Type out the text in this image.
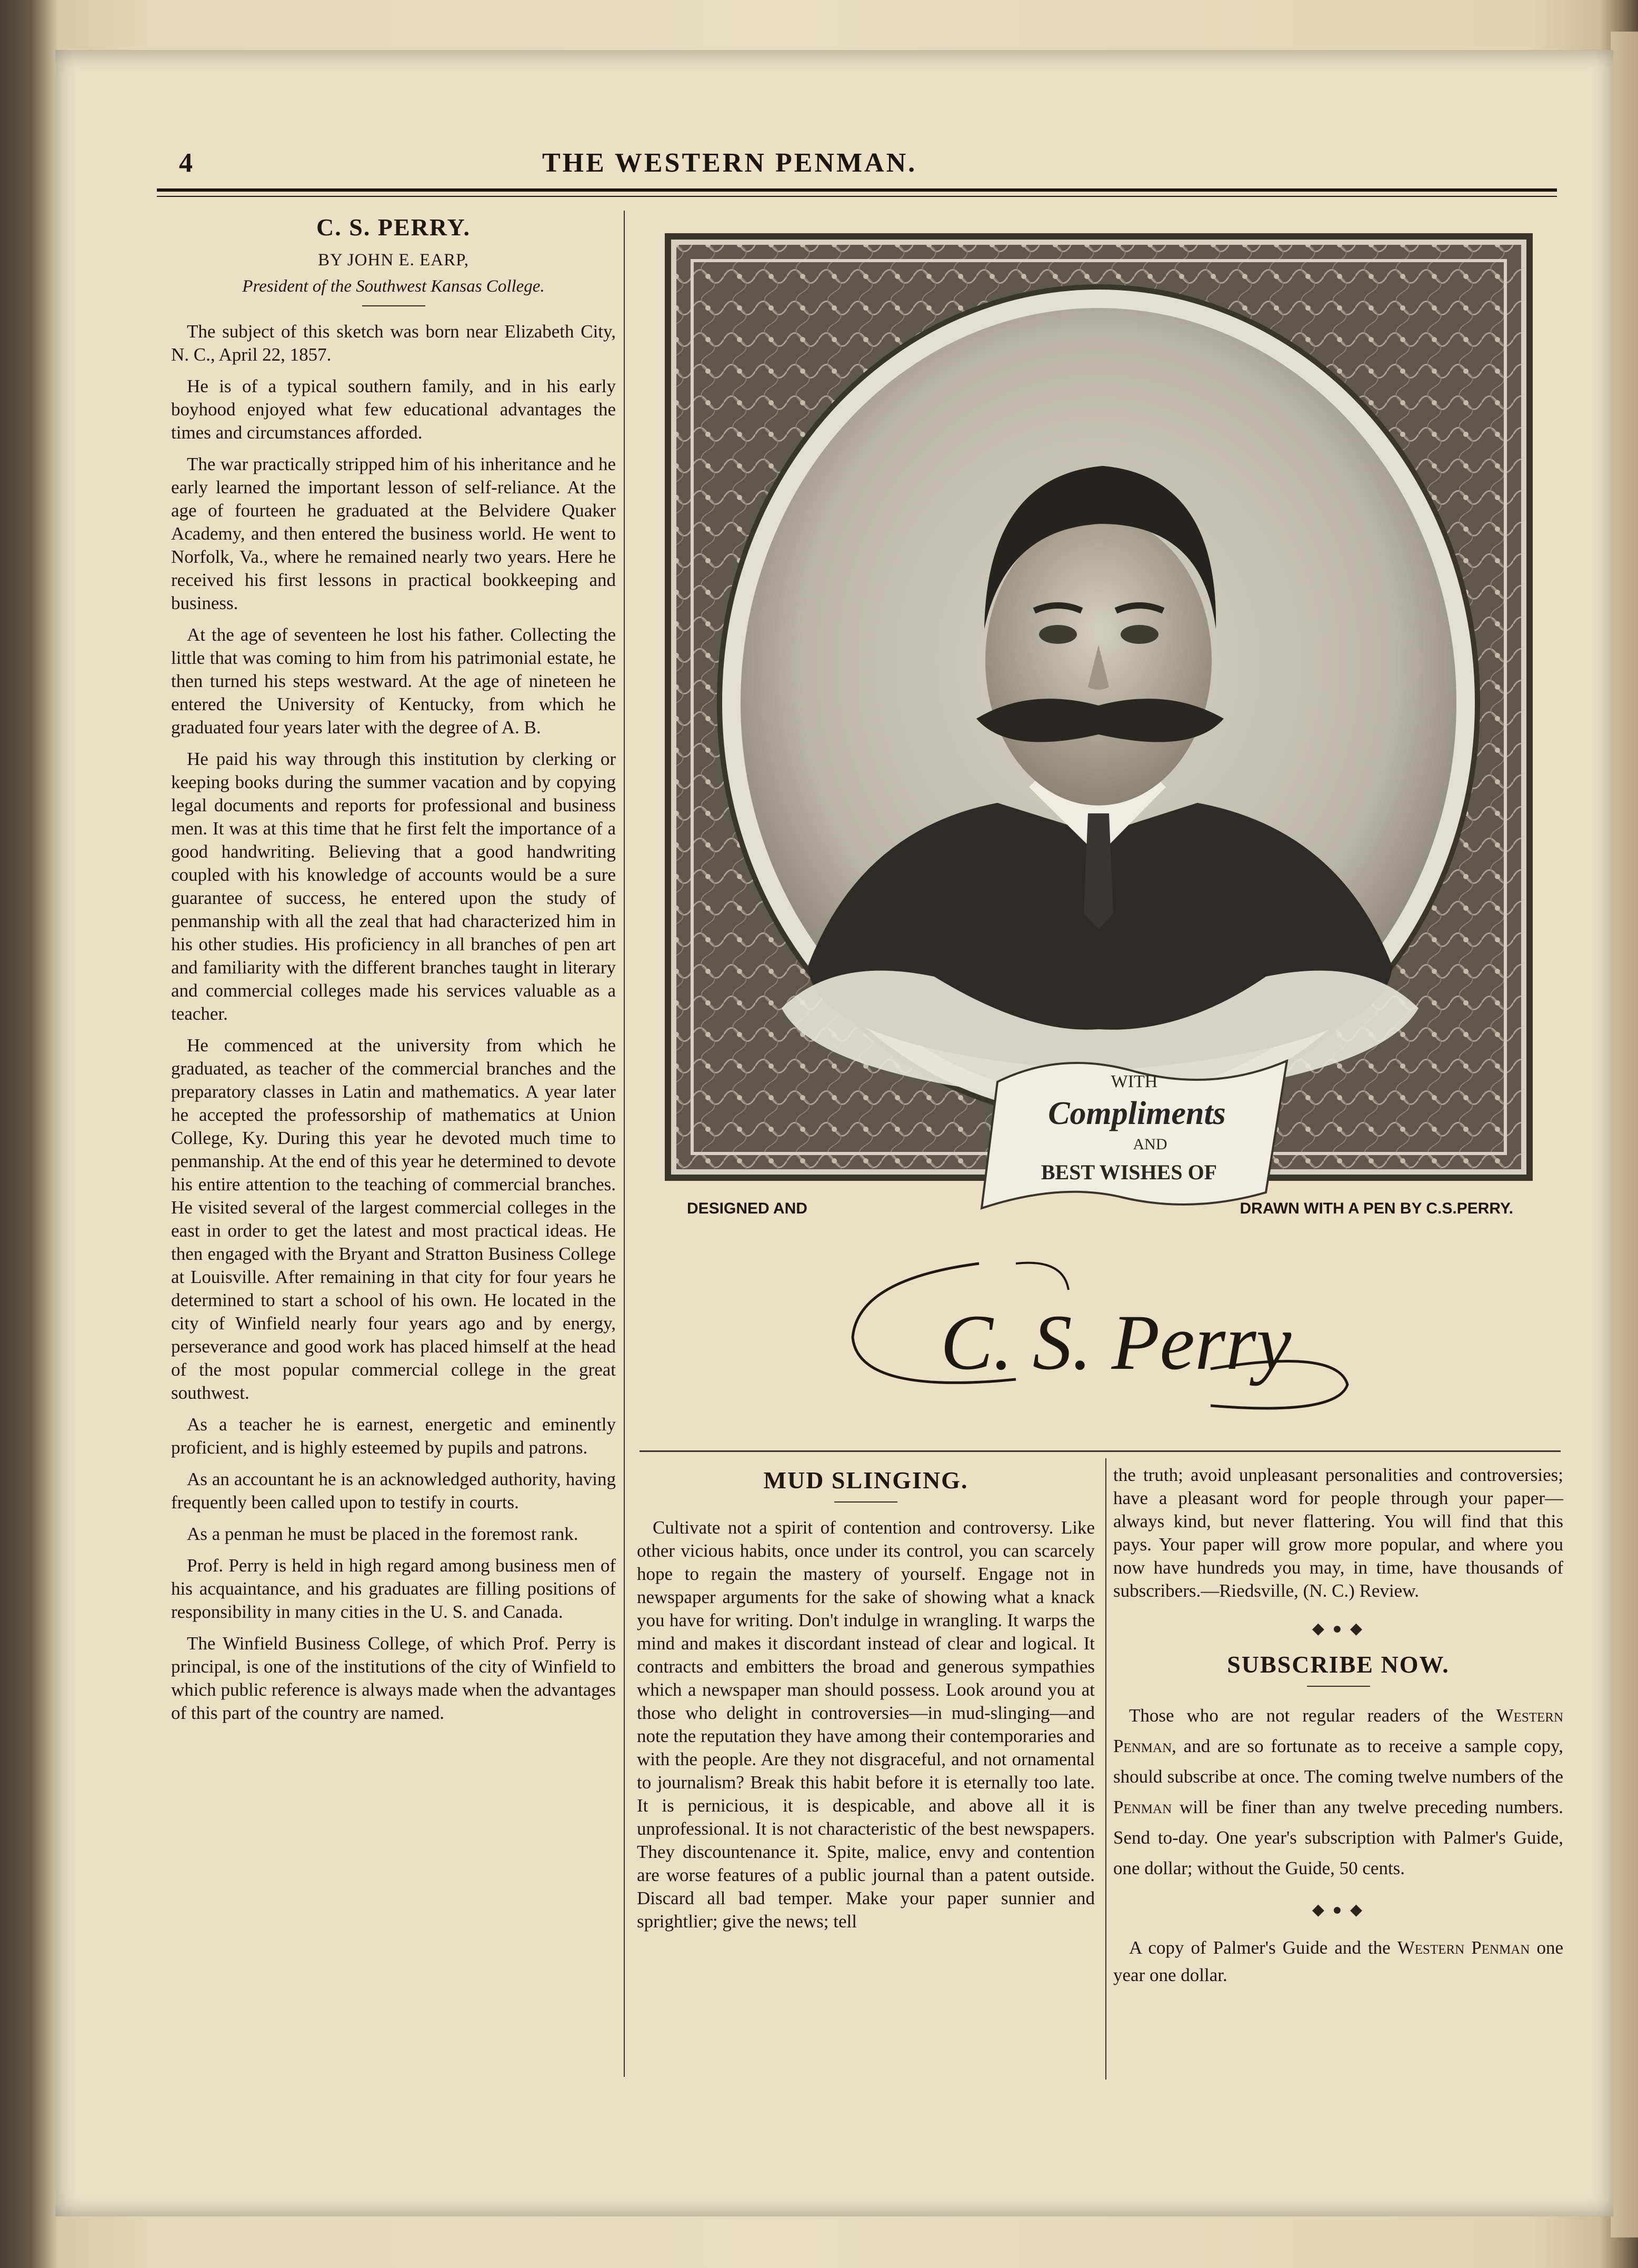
4	THE WESTERN PENMAN.
C. S. PERRY.
BY JOHN E. EARP,
President of the Southwest Kansas College.

The subject of this sketch was born near Elizabeth City, N. C., April 22, 1857.

He is of a typical southern family, and in his early boyhood enjoyed what few educational advantages the times and circumstances afforded.

The war practically stripped him of his inheritance and he early learned the important lesson of self-reliance. At the age of fourteen he graduated at the Belvidere Quaker Academy, and then entered the business world. He went to Norfolk, Va., where he remained nearly two years. Here he received his first lessons in practical bookkeeping and business.

At the age of seventeen he lost his father. Collecting the little that was coming to him from his patrimonial estate, he then turned his steps westward. At the age of nineteen he entered the University of Kentucky, from which he graduated four years later with the degree of A. B.

He paid his way through this institution by clerking or keeping books during the summer vacation and by copying legal documents and reports for professional and business men. It was at this time that he first felt the importance of a good handwriting. Believing that a good handwriting coupled with his knowledge of accounts would be a sure guarantee of success, he entered upon the study of penmanship with all the zeal that had characterized him in his other studies. His proficiency in all branches of pen art and familiarity with the different branches taught in literary and commercial colleges made his services valuable as a teacher.

He commenced at the university from which he graduated, as teacher of the commercial branches and the preparatory classes in Latin and mathematics. A year later he accepted the professorship of mathematics at Union College, Ky. During this year he devoted much time to penmanship. At the end of this year he determined to devote his entire attention to the teaching of commercial branches. He visited several of the largest commercial colleges in the east in order to get the latest and most practical ideas. He then engaged with the Bryant and Stratton Business College at Louisville. After remaining in that city for four years he determined to start a school of his own. He located in the city of Winfield nearly four years ago and by energy, perseverance and good work has placed himself at the head of the most popular commercial college in the great southwest.

As a teacher he is earnest, energetic and eminently proficient, and is highly esteemed by pupils and patrons.

As an accountant he is an acknowledged authority, having frequently been called upon to testify in courts.

As a penman he must be placed in the foremost rank.

Prof. Perry is held in high regard among business men of his acquaintance, and his graduates are filling positions of responsibility in many cities in the U. S. and Canada.

The Winfield Business College, of which Prof. Perry is principal, is one of the institutions of the city of Winfield to which public reference is always made when the advantages of this part of the country are named.

WITH
Compliments
AND
BEST WISHES OF
DESIGNED AND	DRAWN WITH A PEN BY C.S.PERRY.
C. S. Perry
MUD SLINGING.

Cultivate not a spirit of contention and controversy. Like other vicious habits, once under its control, you can scarcely hope to regain the mastery of yourself. Engage not in newspaper arguments for the sake of showing what a knack you have for writing. Don't indulge in wrangling. It warps the mind and makes it discordant instead of clear and logical. It contracts and embitters the broad and generous sympathies which a newspaper man should possess. Look around you at those who delight in controversies—in mud-slinging—and note the reputation they have among their contemporaries and with the people. Are they not disgraceful, and not ornamental to journalism? Break this habit before it is eternally too late. It is pernicious, it is despicable, and above all it is unprofessional. It is not characteristic of the best newspapers. They discountenance it. Spite, malice, envy and contention are worse features of a public journal than a patent outside. Discard all bad temper. Make your paper sunnier and sprightlier; give the news; tell

the truth; avoid unpleasant personalities and controversies; have a pleasant word for people through your paper—always kind, but never flattering. You will find that this pays. Your paper will grow more popular, and where you now have hundreds you may, in time, have thousands of subscribers.—Riedsville, (N. C.) Review.

◆ ● ◆
SUBSCRIBE NOW.

Those who are not regular readers of the Western Penman, and are so fortunate as to receive a sample copy, should subscribe at once. The coming twelve numbers of the Penman will be finer than any twelve preceding numbers. Send to-day. One year's subscription with Palmer's Guide, one dollar; without the Guide, 50 cents.

◆ ● ◆

A copy of Palmer's Guide and the Western Penman one year one dollar.
